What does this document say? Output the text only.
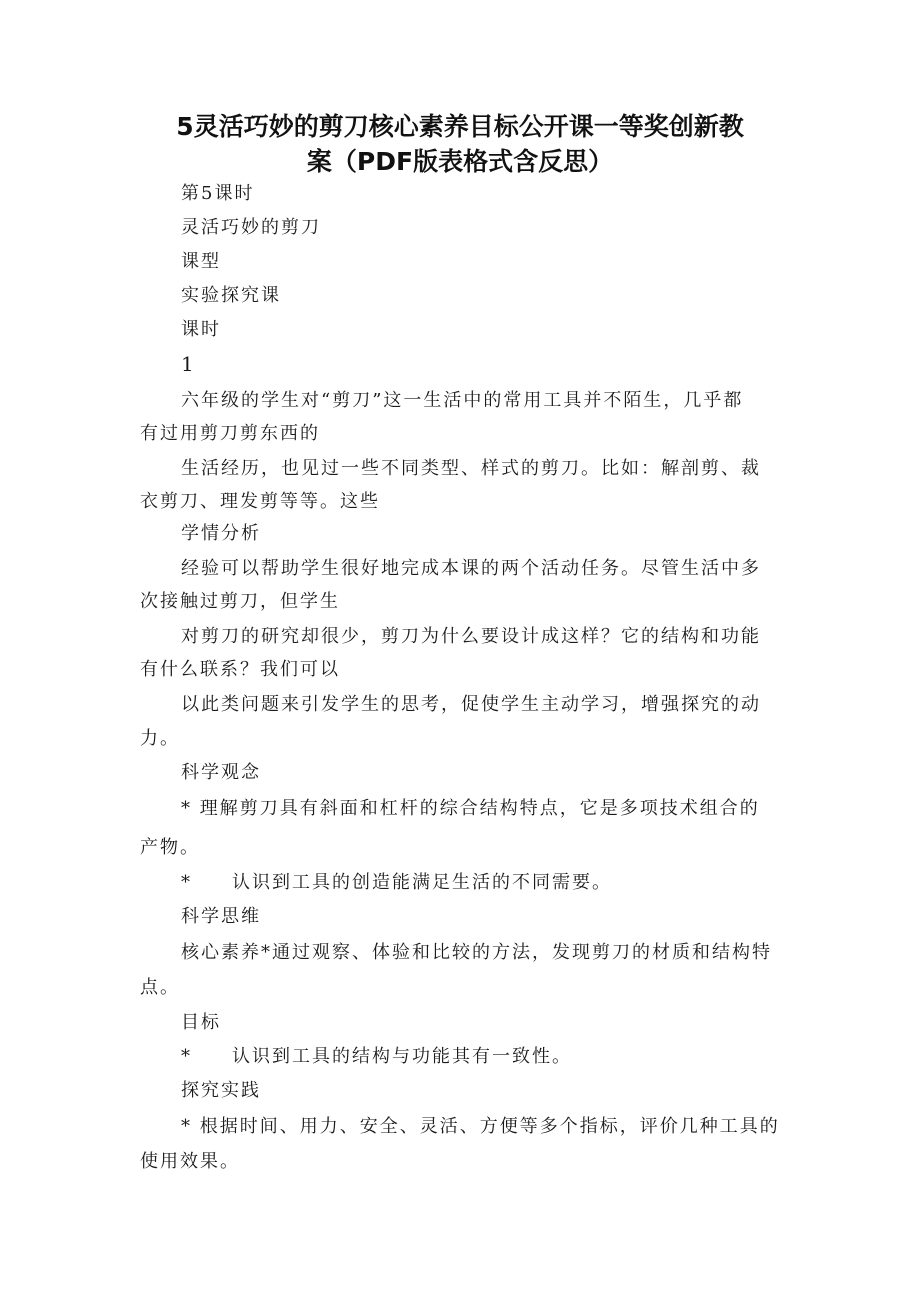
5灵活巧妙的剪刀核心素养目标公开课一等奖创新教
案（PDF版表格式含反思）
第5课时
灵活巧妙的剪刀
课型
实验探究课
课时
1
六年级的学生对“剪刀”这一生活中的常用工具并不陌生，几乎都
有过用剪刀剪东西的
生活经历，也见过一些不同类型、样式的剪刀。比如：解剖剪、裁
衣剪刀、理发剪等等。这些
学情分析
经验可以帮助学生很好地完成本课的两个活动任务。尽管生活中多
次接触过剪刀，但学生
对剪刀的研究却很少，剪刀为什么要设计成这样？它的结构和功能
有什么联系？我们可以
以此类问题来引发学生的思考，促使学生主动学习，增强探究的动
力。
科学观念
* 理解剪刀具有斜面和杠杆的综合结构特点，它是多项技术组合的
产物。
* 认识到工具的创造能满足生活的不同需要。
科学思维
核心素养*通过观察、体验和比较的方法，发现剪刀的材质和结构特
点。
目标
* 认识到工具的结构与功能其有一致性。
探究实践
* 根据时间、用力、安全、灵活、方便等多个指标，评价几种工具的
使用效果。
